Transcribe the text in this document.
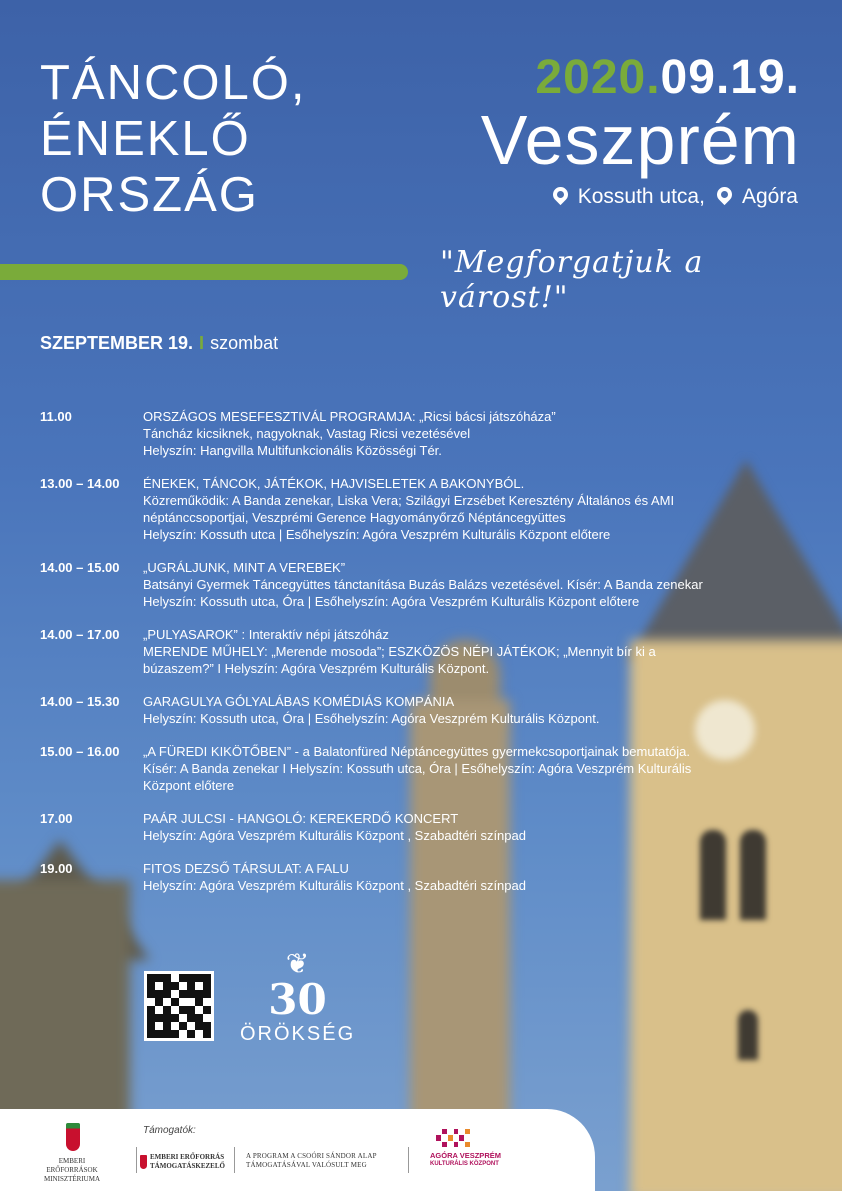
TÁNCOLÓ,
ÉNEKLŐ
ORSZÁG
2020.09.19.
Veszprém
Kossuth utca, Agóra
"Megforgatjuk a várost!"
SZEPTEMBER 19. I szombat
11.00	ORSZÁGOS MESEFESZTIVÁL PROGRAMJA: „Ricsi bácsi játszóháza”
Táncház kicsiknek, nagyoknak, Vastag Ricsi vezetésével
Helyszín: Hangvilla Multifunkcionális Közösségi Tér.
13.00 – 14.00	ÉNEKEK, TÁNCOK, JÁTÉKOK, HAJVISELETEK A BAKONYBÓL.
Közreműködik: A Banda zenekar, Liska Vera; Szilágyi Erzsébet Keresztény Általános és AMI
néptánccsoportjai, Veszprémi Gerence Hagyományőrző Néptáncegyüttes
Helyszín: Kossuth utca | Esőhelyszín: Agóra Veszprém Kulturális Központ előtere
14.00 – 15.00	„UGRÁLJUNK, MINT A VEREBEK”
Batsányi Gyermek Táncegyüttes tánctanítása Buzás Balázs vezetésével. Kísér: A Banda zenekar
Helyszín: Kossuth utca, Óra | Esőhelyszín: Agóra Veszprém Kulturális Központ előtere
14.00 – 17.00	„PULYASAROK” : Interaktív népi játszóház
MERENDE MŰHELY: „Merende mosoda”; ESZKÖZÖS NÉPI JÁTÉKOK; „Mennyit bír ki a
búzaszem?” I Helyszín: Agóra Veszprém Kulturális Központ.
14.00 – 15.30	GARAGULYA GÓLYALÁBAS KOMÉDIÁS KOMPÁNIA
Helyszín: Kossuth utca, Óra | Esőhelyszín: Agóra Veszprém Kulturális Központ.
15.00 – 16.00	„A FÜREDI KIKÖTŐBEN” - a Balatonfüred Néptáncegyüttes gyermekcsoportjainak bemutatója.
Kísér: A Banda zenekar I Helyszín: Kossuth utca, Óra | Esőhelyszín: Agóra Veszprém Kulturális
Központ előtere
17.00	PAÁR JULCSI - HANGOLÓ: KEREKERDŐ KONCERT
Helyszín: Agóra Veszprém Kulturális Központ , Szabadtéri színpad
19.00	FITOS DEZSŐ TÁRSULAT: A FALU
Helyszín: Agóra Veszprém Kulturális Központ , Szabadtéri színpad
❦
30
ÖRÖKSÉG
Támogatók:
EMBERI ERŐFORRÁSOK MINISZTÉRIUMA
EMBERI ERŐFORRÁS TÁMOGATÁSKEZELŐ
A PROGRAM A CSOÓRI SÁNDOR ALAP TÁMOGATÁSÁVAL VALÓSULT MEG
AGÓRA VESZPRÉM
KULTURÁLIS KÖZPONT
